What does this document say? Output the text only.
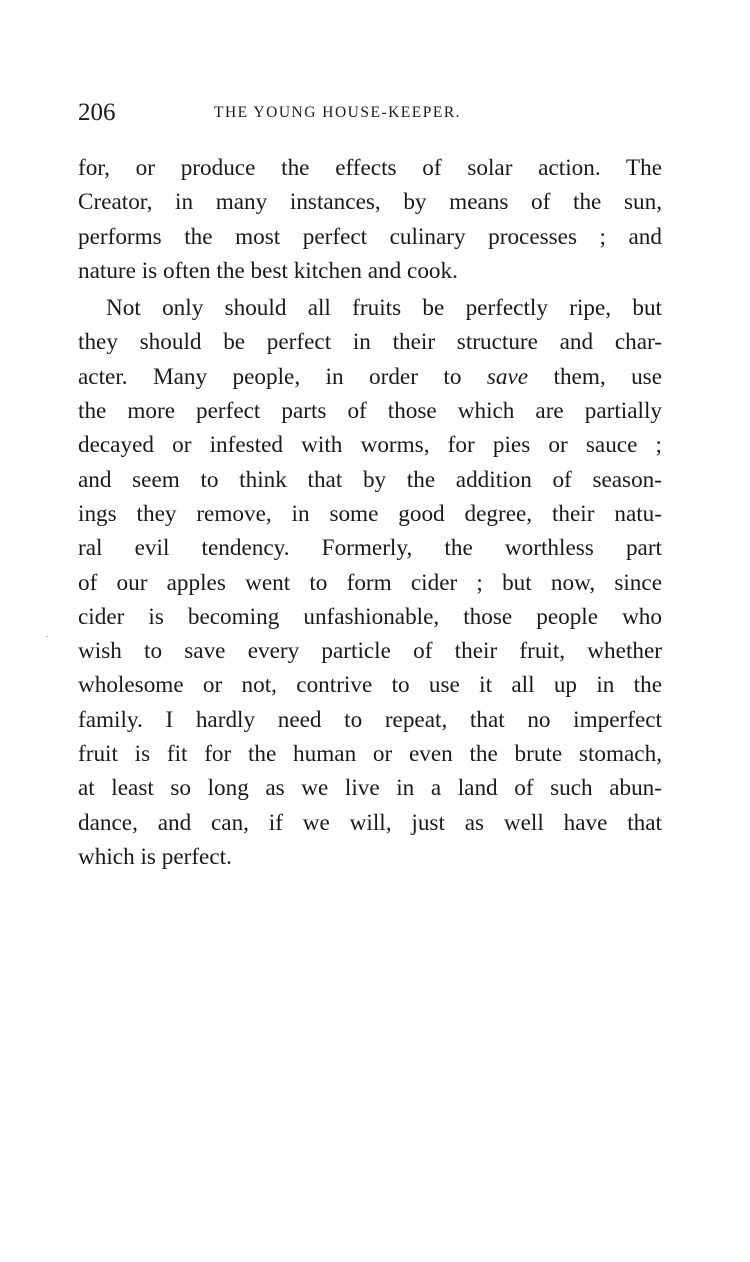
206	THE YOUNG HOUSE-KEEPER.
for, or produce the effects of solar action. The
Creator, in many instances, by means of the sun,
performs the most perfect culinary processes ; and
nature is often the best kitchen and cook.
Not only should all fruits be perfectly ripe, but
they should be perfect in their structure and char-
acter. Many people, in order to save them, use
the more perfect parts of those which are partially
decayed or infested with worms, for pies or sauce ;
and seem to think that by the addition of season-
ings they remove, in some good degree, their natu-
ral evil tendency. Formerly, the worthless part
of our apples went to form cider ; but now, since
cider is becoming unfashionable, those people who
wish to save every particle of their fruit, whether
wholesome or not, contrive to use it all up in the
family. I hardly need to repeat, that no imperfect
fruit is fit for the human or even the brute stomach,
at least so long as we live in a land of such abun-
dance, and can, if we will, just as well have that
which is perfect.
